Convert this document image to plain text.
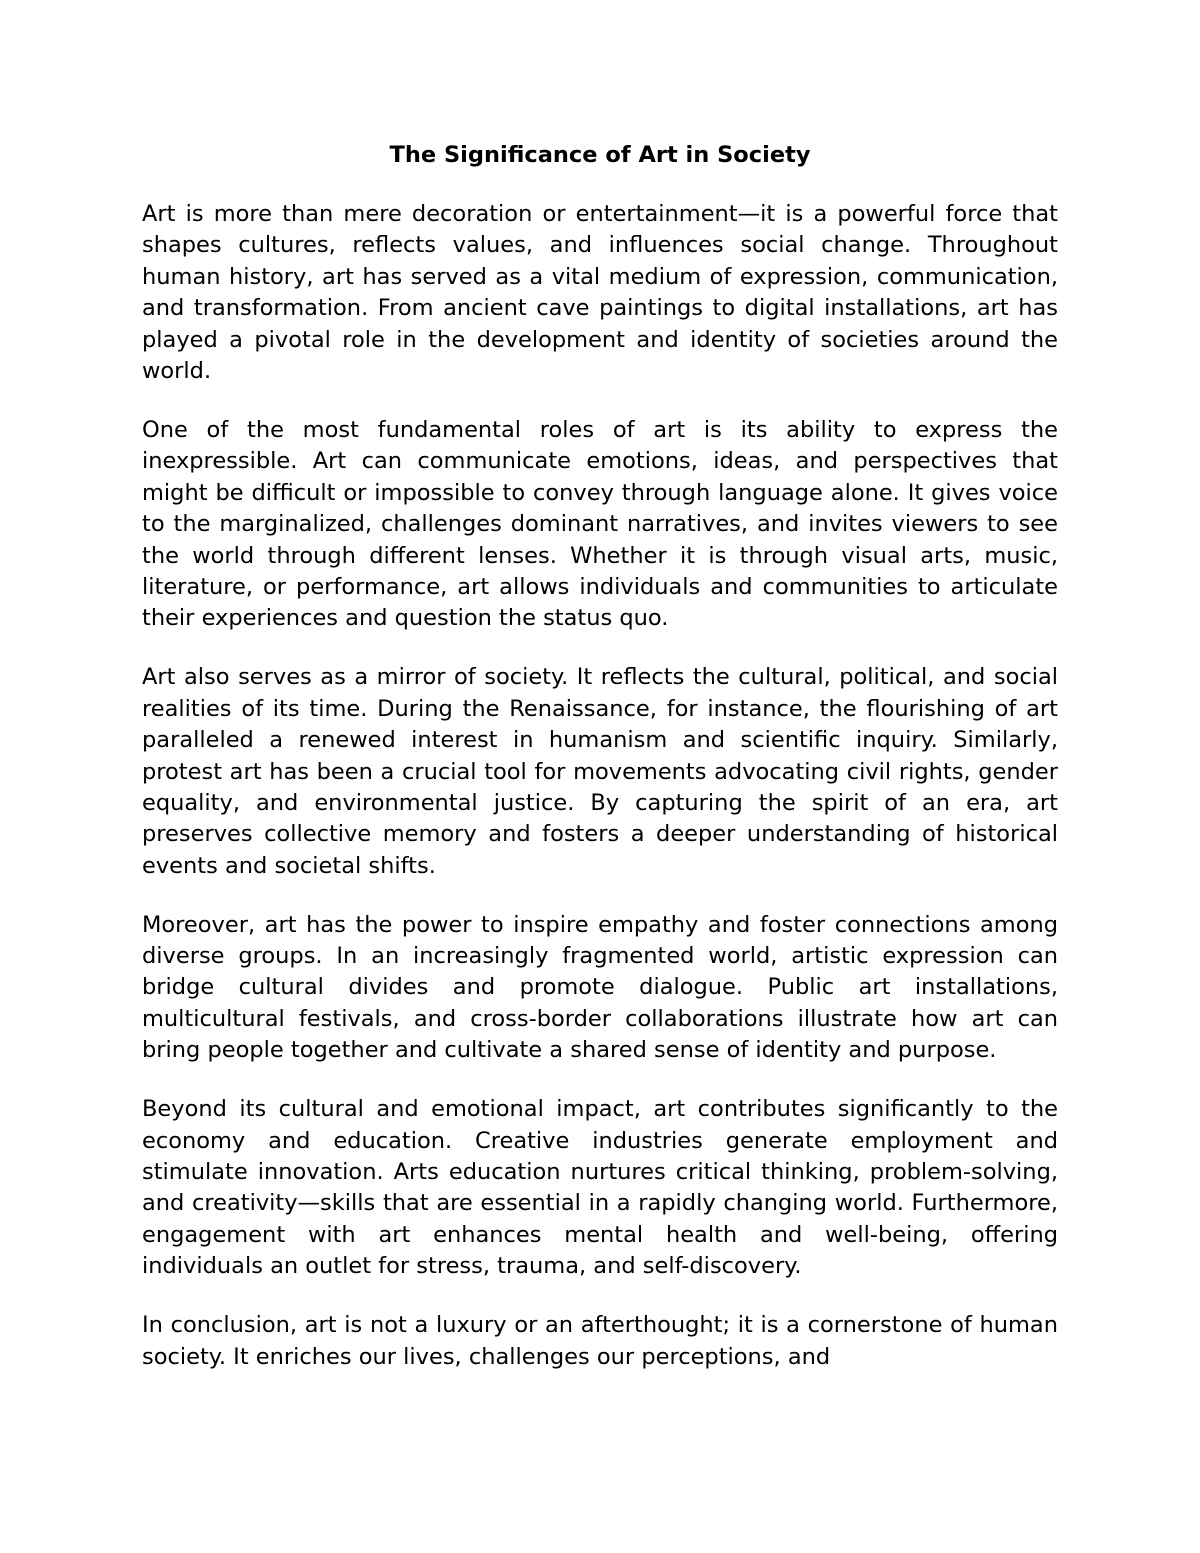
The Significance of Art in Society

Art is more than mere decoration or entertainment—it is a powerful force that shapes cultures, reflects values, and influences social change. Throughout human history, art has served as a vital medium of expression, communication, and transformation. From ancient cave paintings to digital installations, art has played a pivotal role in the development and identity of societies around the world.

One of the most fundamental roles of art is its ability to express the inexpressible. Art can communicate emotions, ideas, and perspectives that might be difficult or impossible to convey through language alone. It gives voice to the marginalized, challenges dominant narratives, and invites viewers to see the world through different lenses. Whether it is through visual arts, music, literature, or performance, art allows individuals and communities to articulate their experiences and question the status quo.

Art also serves as a mirror of society. It reflects the cultural, political, and social realities of its time. During the Renaissance, for instance, the flourishing of art paralleled a renewed interest in humanism and scientific inquiry. Similarly, protest art has been a crucial tool for movements advocating civil rights, gender equality, and environmental justice. By capturing the spirit of an era, art preserves collective memory and fosters a deeper understanding of historical events and societal shifts.

Moreover, art has the power to inspire empathy and foster connections among diverse groups. In an increasingly fragmented world, artistic expression can bridge cultural divides and promote dialogue. Public art installations, multicultural festivals, and cross-border collaborations illustrate how art can bring people together and cultivate a shared sense of identity and purpose.

Beyond its cultural and emotional impact, art contributes significantly to the economy and education. Creative industries generate employment and stimulate innovation. Arts education nurtures critical thinking, problem-solving, and creativity—skills that are essential in a rapidly changing world. Furthermore, engagement with art enhances mental health and well-being, offering individuals an outlet for stress, trauma, and self-discovery.

In conclusion, art is not a luxury or an afterthought; it is a cornerstone of human society. It enriches our lives, challenges our perceptions, and
